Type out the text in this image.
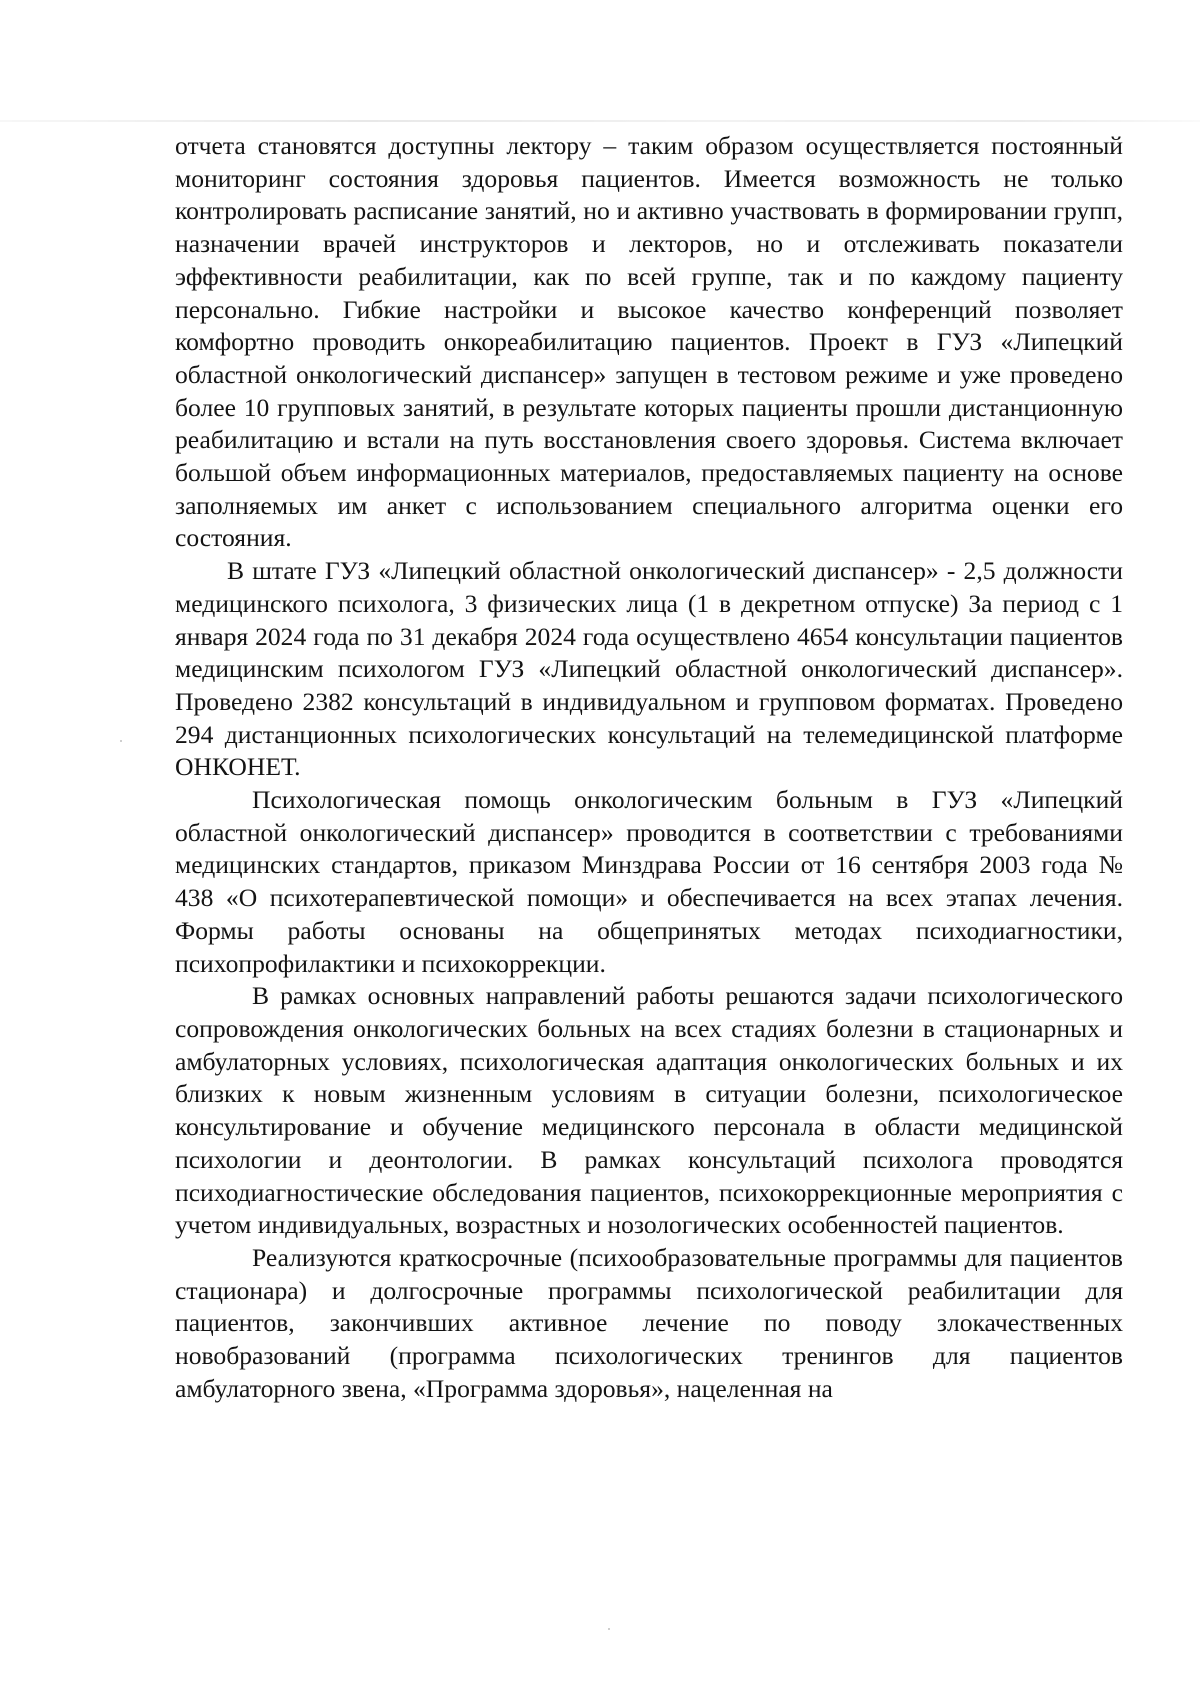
отчета становятся доступны лектору – таким образом осуществляется постоянный мониторинг состояния здоровья пациентов. Имеется возможность не только контролировать расписание занятий, но и активно участвовать в формировании групп, назначении врачей инструкторов и лекторов, но и отслеживать показатели эффективности реабилитации, как по всей группе, так и по каждому пациенту персонально. Гибкие настройки и высокое качество конференций позволяет комфортно проводить онкореабилитацию пациентов. Проект в ГУЗ «Липецкий областной онкологический диспансер» запущен в тестовом режиме и уже проведено более 10 групповых занятий, в результате которых пациенты прошли дистанционную реабилитацию и встали на путь восстановления своего здоровья. Система включает большой объем информационных материалов, предоставляемых пациенту на основе заполняемых им анкет с использованием специального алгоритма оценки его состояния.

В штате ГУЗ «Липецкий областной онкологический диспансер» - 2,5 должности медицинского психолога, 3 физических лица (1 в декретном отпуске) За период с 1 января 2024 года по 31 декабря 2024 года осуществлено 4654 консультации пациентов медицинским психологом ГУЗ «Липецкий областной онкологический диспансер». Проведено 2382 консультаций в индивидуальном и групповом форматах. Проведено 294 дистанционных психологических консультаций на телемедицинской платформе ОНКОНЕТ.

Психологическая помощь онкологическим больным в ГУЗ «Липецкий областной онкологический диспансер» проводится в соответствии с требованиями медицинских стандартов, приказом Минздрава России от 16 сентября 2003 года № 438 «О психотерапевтической помощи» и обеспечивается на всех этапах лечения. Формы работы основаны на общепринятых методах психодиагностики, психопрофилактики и психокоррекции.

В рамках основных направлений работы решаются задачи психологического сопровождения онкологических больных на всех стадиях болезни в стационарных и амбулаторных условиях, психологическая адаптация онкологических больных и их близких к новым жизненным условиям в ситуации болезни, психологическое консультирование и обучение медицинского персонала в области медицинской психологии и деонтологии. В рамках консультаций психолога проводятся психодиагностические обследования пациентов, психокоррекционные мероприятия с учетом индивидуальных, возрастных и нозологических особенностей пациентов.

Реализуются краткосрочные (психообразовательные программы для пациентов стационара) и долгосрочные программы психологической реабилитации для пациентов, закончивших активное лечение по поводу злокачественных новобразований (программа психологических тренингов для пациентов амбулаторного звена, «Программа здоровья», нацеленная на
